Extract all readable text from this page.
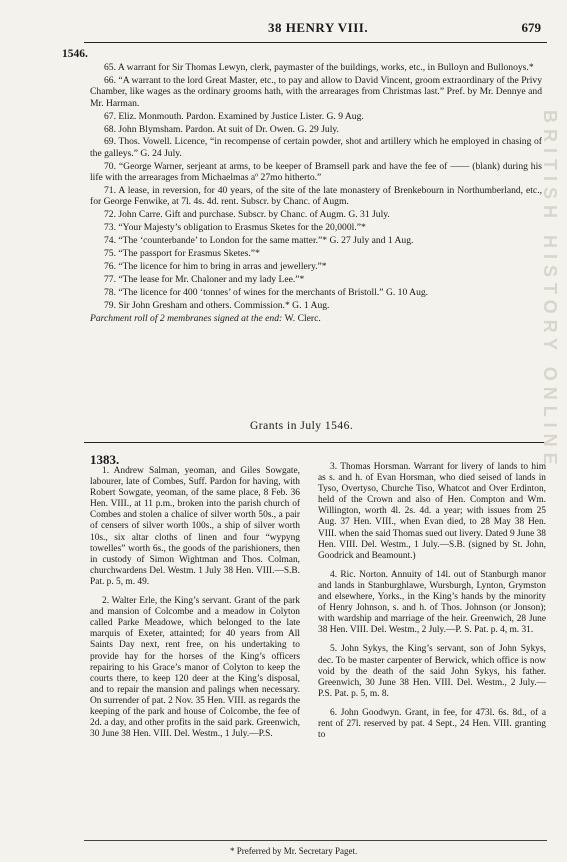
38 HENRY VIII.	679
1546.

65. A warrant for Sir Thomas Lewyn, clerk, paymaster of the buildings, works, etc., in Bulloyn and Bullonoys.*

66. “A warrant to the lord Great Master, etc., to pay and allow to David Vincent, groom extraordinary of the Privy Chamber, like wages as the ordinary grooms hath, with the arrearages from Christmas last.” Pref. by Mr. Dennye and Mr. Harman.

67. Eliz. Monmouth. Pardon. Examined by Justice Lister. G. 9 Aug.

68. John Blymsham. Pardon. At suit of Dr. Owen. G. 29 July.

69. Thos. Vowell. Licence, “in recompense of certain powder, shot and artillery which he employed in chasing of the galleys.” G. 24 July.

70. “George Warner, serjeant at arms, to be keeper of Bramsell park and have the fee of —— (blank) during his life with the arrearages from Michaelmas aº 27mo hitherto.”

71. A lease, in reversion, for 40 years, of the site of the late monastery of Brenkebourn in Northumberland, etc., for George Fenwike, at 7l. 4s. 4d. rent. Subscr. by Chanc. of Augm.

72. John Carre. Gift and purchase. Subscr. by Chanc. of Augm. G. 31 July.

73. “Your Majesty’s obligation to Erasmus Sketes for the 20,000l.”*

74. “The ‘counterbande’ to London for the same matter.”* G. 27 July and 1 Aug.

75. “The passport for Erasmus Sketes.”*

76. “The licence for him to bring in arras and jewellery.”*

77. “The lease for Mr. Chaloner and my lady Lee.”*

78. “The licence for 400 ‘tonnes’ of wines for the merchants of Bristoll.” G. 10 Aug.

79. Sir John Gresham and others. Commission.* G. 1 Aug.

Parchment roll of 2 membranes signed at the end: W. Clerc.

Grants in July 1546.
1383.

1. Andrew Salman, yeoman, and Giles Sowgate, labourer, late of Combes, Suff. Pardon for having, with Robert Sowgate, yeoman, of the same place, 8 Feb. 36 Hen. VIII., at 11 p.m., broken into the parish church of Combes and stolen a chalice of silver worth 50s., a pair of censers of silver worth 100s., a ship of silver worth 10s., six altar cloths of linen and four “wypyng towelles” worth 6s., the goods of the parishioners, then in custody of Simon Wightman and Thos. Colman, churchwardens Del. Westm. 1 July 38 Hen. VIII.—S.B. Pat. p. 5, m. 49.

2. Walter Erle, the King’s servant. Grant of the park and mansion of Colcombe and a meadow in Colyton called Parke Meadowe, which belonged to the late marquis of Exeter, attainted; for 40 years from All Saints Day next, rent free, on his undertaking to provide hay for the horses of the King’s officers repairing to his Grace’s manor of Colyton to keep the courts there, to keep 120 deer at the King’s disposal, and to repair the mansion and palings when necessary. On surrender of pat. 2 Nov. 35 Hen. VIII. as regards the keeping of the park and house of Colcombe, the fee of 2d. a day, and other profits in the said park. Greenwich, 30 June 38 Hen. VIII. Del. Westm., 1 July.—P.S.

3. Thomas Horsman. Warrant for livery of lands to him as s. and h. of Evan Horsman, who died seised of lands in Tyso, Overtyso, Churche Tiso, Whatcot and Over Erdinton, held of the Crown and also of Hen. Compton and Wm. Willington, worth 4l. 2s. 4d. a year; with issues from 25 Aug. 37 Hen. VIII., when Evan died, to 28 May 38 Hen. VIII. when the said Thomas sued out livery. Dated 9 June 38 Hen. VIII. Del. Westm., 1 July.—S.B. (signed by St. John, Goodrick and Beamount.)

4. Ric. Norton. Annuity of 14l. out of Stanburgh manor and lands in Stanburghlawe, Wursburgh, Lynton, Grymston and elsewhere, Yorks., in the King’s hands by the minority of Henry Johnson, s. and h. of Thos. Johnson (or Jonson); with wardship and marriage of the heir. Greenwich, 28 June 38 Hen. VIII. Del. Westm., 2 July.—P. S. Pat. p. 4, m. 31.

5. John Sykys, the King’s servant, son of John Sykys, dec. To be master carpenter of Berwick, which office is now void by the death of the said John Sykys, his father. Greenwich, 30 June 38 Hen. VIII. Del. Westm., 2 July.—P.S. Pat. p. 5, m. 8.

6. John Goodwyn. Grant, in fee, for 473l. 6s. 8d., of a rent of 27l. reserved by pat. 4 Sept., 24 Hen. VIII. granting to

* Preferred by Mr. Secretary Paget.
BRITISH HISTORY ONLINE
